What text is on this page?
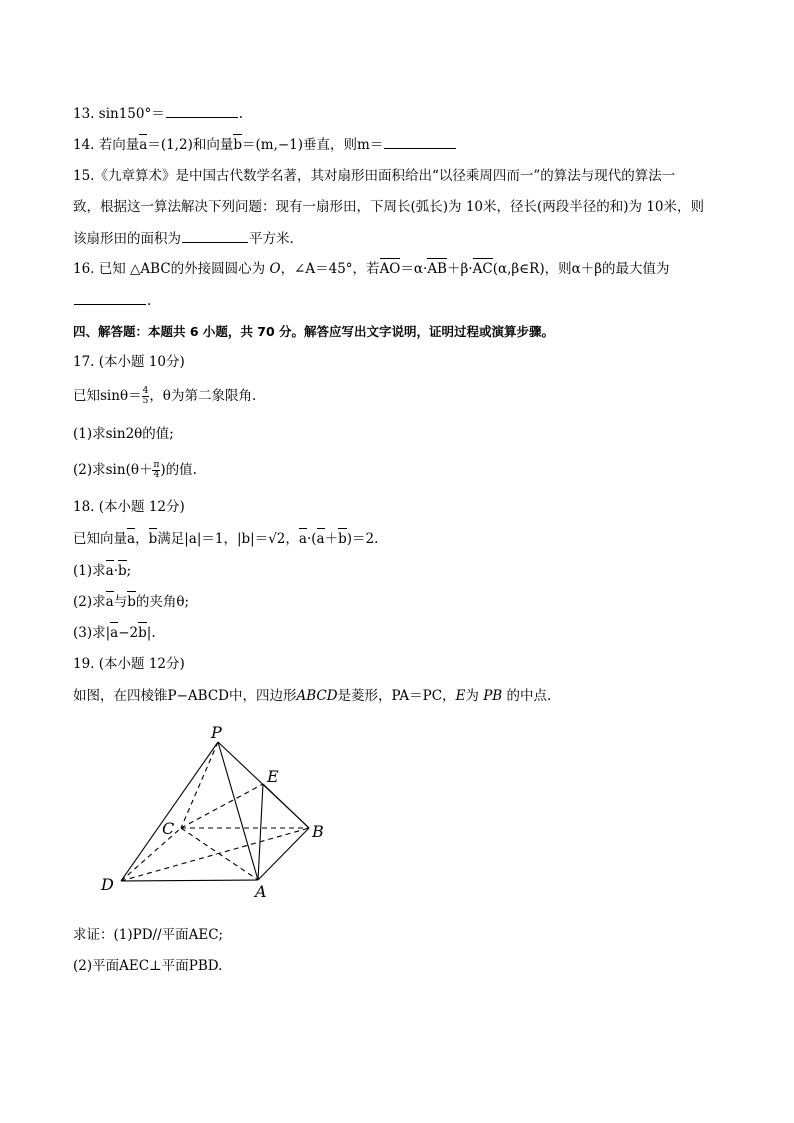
13. sin150°＝	.
14. 若向量a＝(1,2)和向量b＝(m,−1)垂直，则m＝
15.《九章算术》是中国古代数学名著，其对扇形田面积给出“以径乘周四而一”的算法与现代的算法一
致，根据这一算法解决下列问题：现有一扇形田，下周长(弧长)为 10米，径长(两段半径的和)为 10米，则
该扇形田的面积为	平方米.
16. 已知 △ABC的外接圆圆心为 O，∠A＝45°，若AO＝α·AB＋β·AC(α,β∈R)，则α＋β的最大值为
.
四、解答题：本题共 6 小题，共 70 分。解答应写出文字说明，证明过程或演算步骤。
17. (本小题 10分)
已知$\sin\theta= \frac{4}{5}$ ，θ为第二象限角.
(1)求sin2θ的值;
(2)求$\sin(\theta+ \frac{\pi}{4}$ )的值.
18. (本小题 12分)
已知向量a，b满足|a|＝1，|b|＝√2，a·(a＋b)＝2.
(1)求a·b;
(2)求a与b的夹角θ;
(3)求|a−2b|.
19. (本小题 12分)
如图，在四棱锥P−ABCD中，四边形ABCD是菱形，PA＝PC，E为 PB 的中点.
P
E
C	B
D	A
求证：(1)PD//平面AEC;
(2)平面AEC⊥平面PBD.
